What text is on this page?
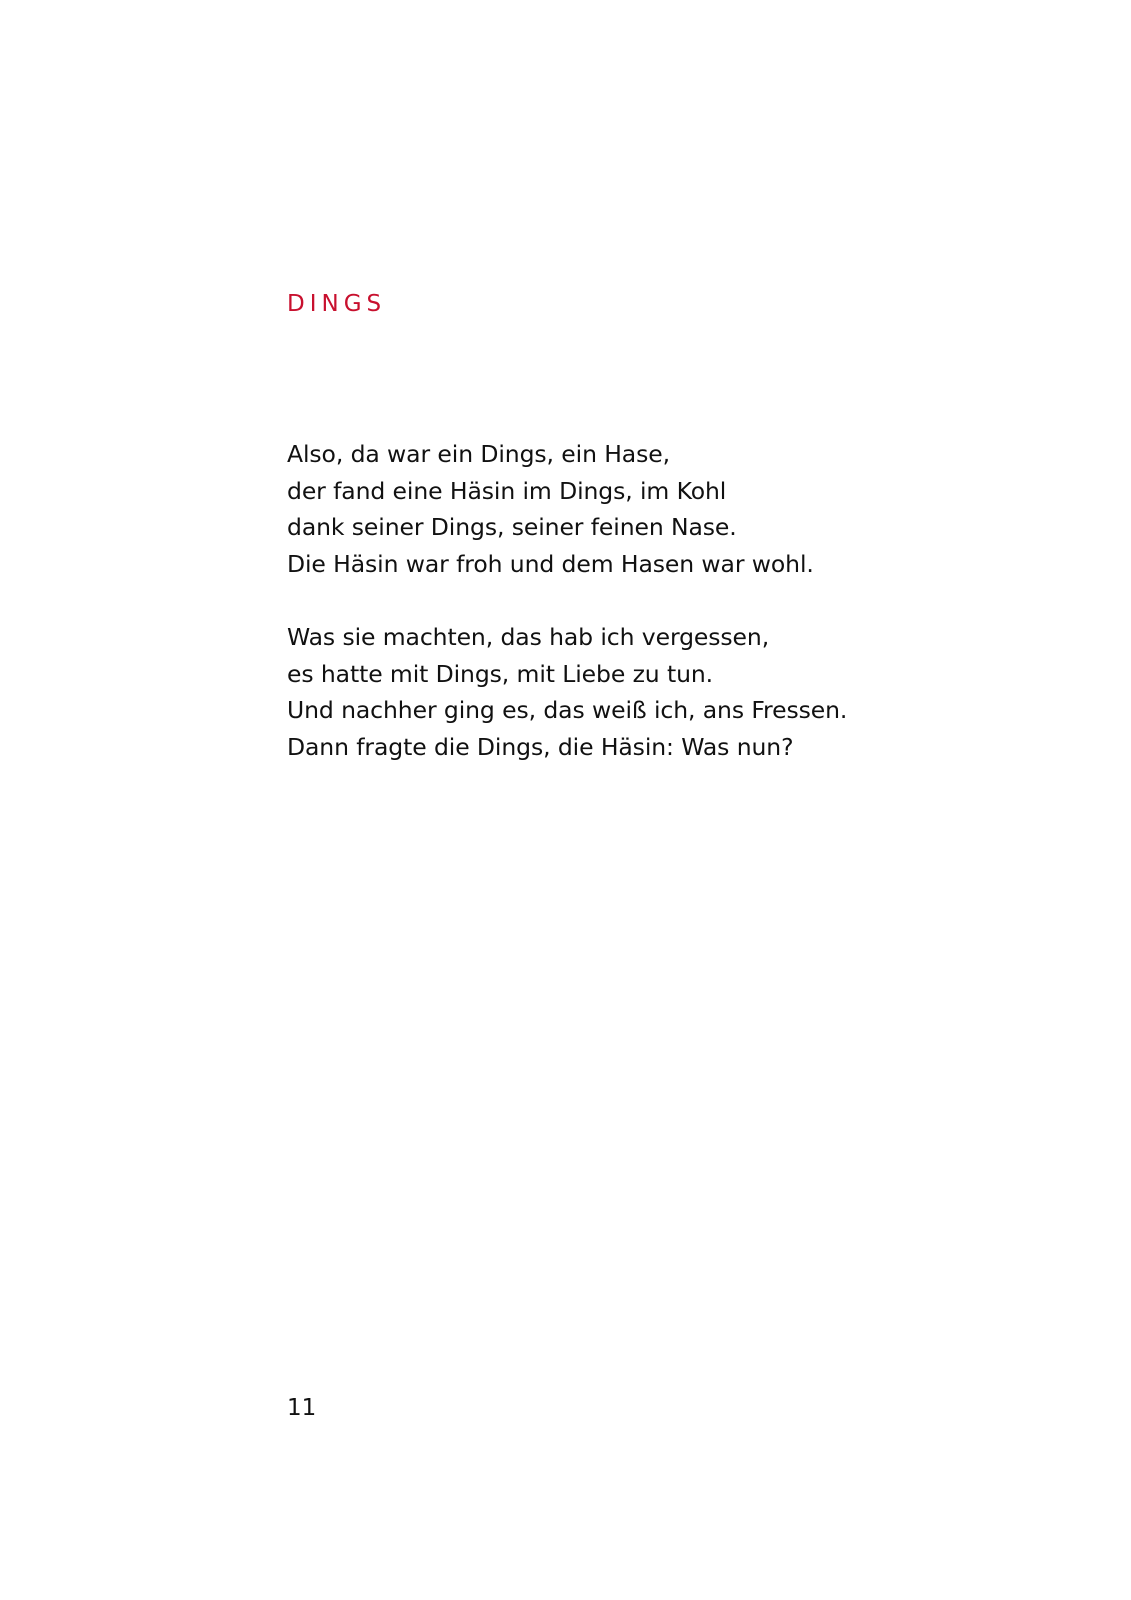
DINGS
Also, da war ein Dings, ein Hase,
der fand eine Häsin im Dings, im Kohl
dank seiner Dings, seiner feinen Nase.
Die Häsin war froh und dem Hasen war wohl.
Was sie machten, das hab ich vergessen,
es hatte mit Dings, mit Liebe zu tun.
Und nachher ging es, das weiß ich, ans Fressen.
Dann fragte die Dings, die Häsin: Was nun?
11
